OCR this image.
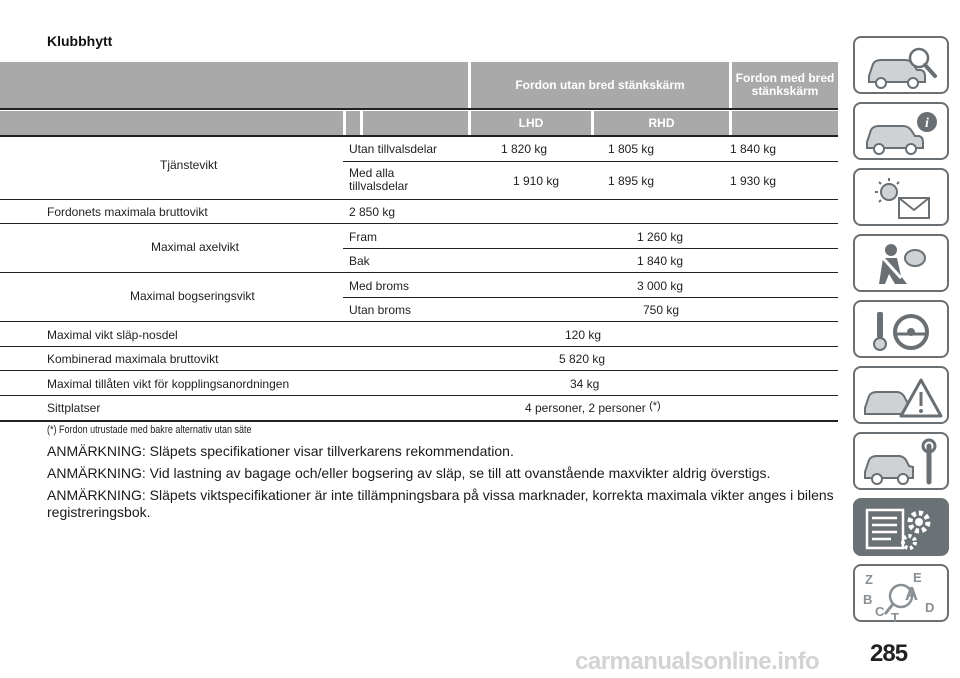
Klubbhytt
Fordon utan bred stänkskärm	Fordon med bred stänkskärm
LHD	RHD
Tjänstevikt
Utan tillvalsdelar	1 820 kg	1 805 kg	1 840 kg
Med alla tillvalsdelar	1 910 kg	1 895 kg	1 930 kg
Fordonets maximala bruttovikt	2 850 kg
Maximal axelvikt
Fram	1 260 kg
Bak	1 840 kg
Maximal bogseringsvikt
Med broms	3 000 kg
Utan broms	750 kg
Maximal vikt släp-nosdel	120 kg
Kombinerad maximala bruttovikt	5 820 kg
Maximal tillåten vikt för kopplingsanordningen	34 kg
Sittplatser	4 personer, 2 personer (*)
(*) Fordon utrustade med bakre alternativ utan säte
ANMÄRKNING: Släpets specifikationer visar tillverkarens rekommendation.
ANMÄRKNING: Vid lastning av bagage och/eller bogsering av släp, se till att ovanstående maxvikter aldrig överstigs.
ANMÄRKNING: Släpets viktspecifikationer är inte tillämpningsbara på vissa marknader, korrekta maximala vikter anges i bilens registreringsbok.
i
Z	E
B
C	D
T
A
carmanualsonline.info 285
